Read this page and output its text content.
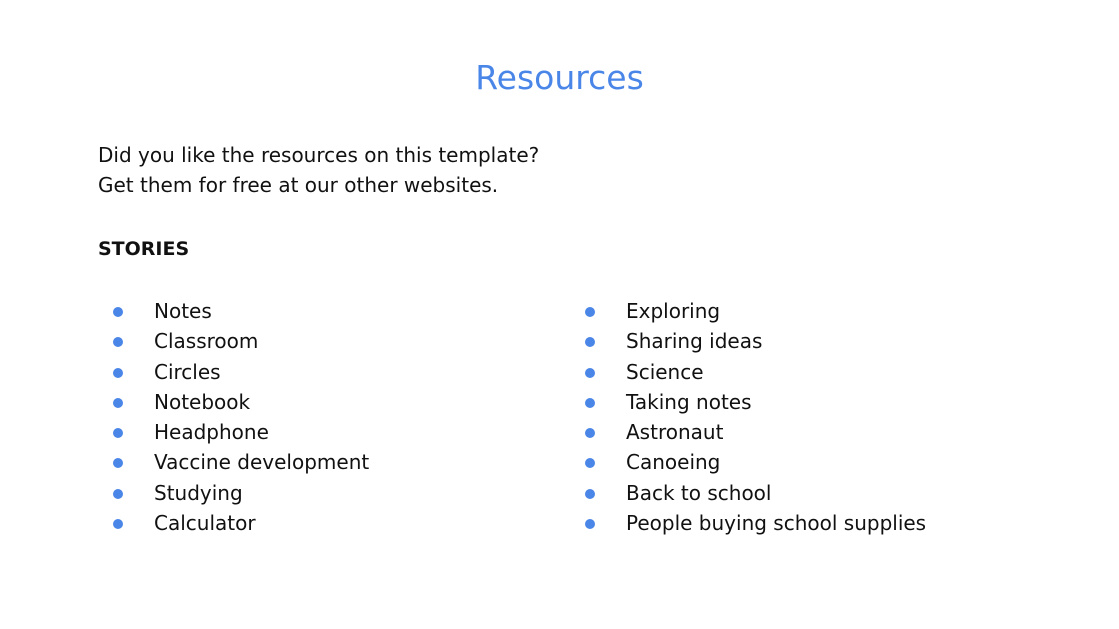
Resources
Did you like the resources on this template?
Get them for free at our other websites.
STORIES
Notes
Classroom
Circles
Notebook
Headphone
Vaccine development
Studying
Calculator
Exploring
Sharing ideas
Science
Taking notes
Astronaut
Canoeing
Back to school
People buying school supplies
